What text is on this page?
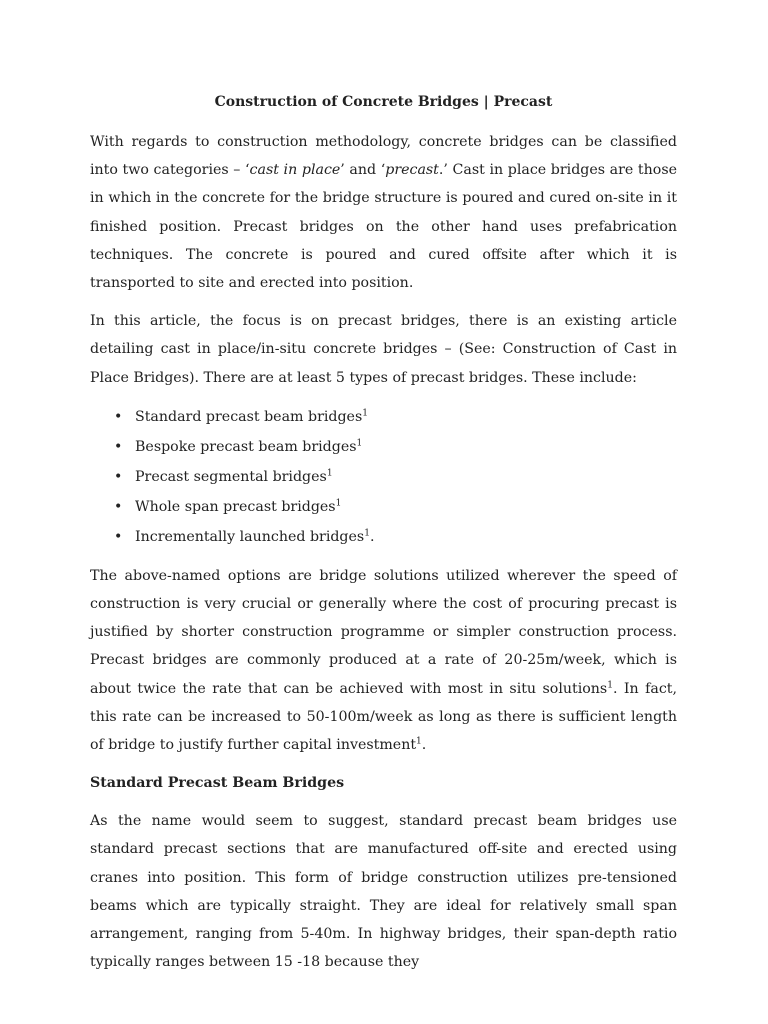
Construction of Concrete Bridges | Precast

With regards to construction methodology, concrete bridges can be classified into two categories – ‘cast in place’ and ‘precast.’ Cast in place bridges are those in which in the concrete for the bridge structure is poured and cured on-site in it finished position. Precast bridges on the other hand uses prefabrication techniques. The concrete is poured and cured offsite after which it is transported to site and erected into position.

In this article, the focus is on precast bridges, there is an existing article detailing cast in place/in-situ concrete bridges – (See: Construction of Cast in Place Bridges). There are at least 5 types of precast bridges. These include:

• Standard precast beam bridges$^1$
• Bespoke precast beam bridges$^1$
• Precast segmental bridges$^1$
• Whole span precast bridges$^1$
• Incrementally launched bridges$^1$.

The above-named options are bridge solutions utilized wherever the speed of construction is very crucial or generally where the cost of procuring precast is justified by shorter construction programme or simpler construction process. Precast bridges are commonly produced at a rate of 20-25m/week, which is about twice the rate that can be achieved with most in situ solutions$^1$. In fact, this rate can be increased to 50-100m/week as long as there is sufficient length of bridge to justify further capital investment$^1$.

Standard Precast Beam Bridges

As the name would seem to suggest, standard precast beam bridges use standard precast sections that are manufactured off-site and erected using cranes into position. This form of bridge construction utilizes pre-tensioned beams which are typically straight. They are ideal for relatively small span arrangement, ranging from 5-40m. In highway bridges, their span-depth ratio typically ranges between 15 -18 because they
